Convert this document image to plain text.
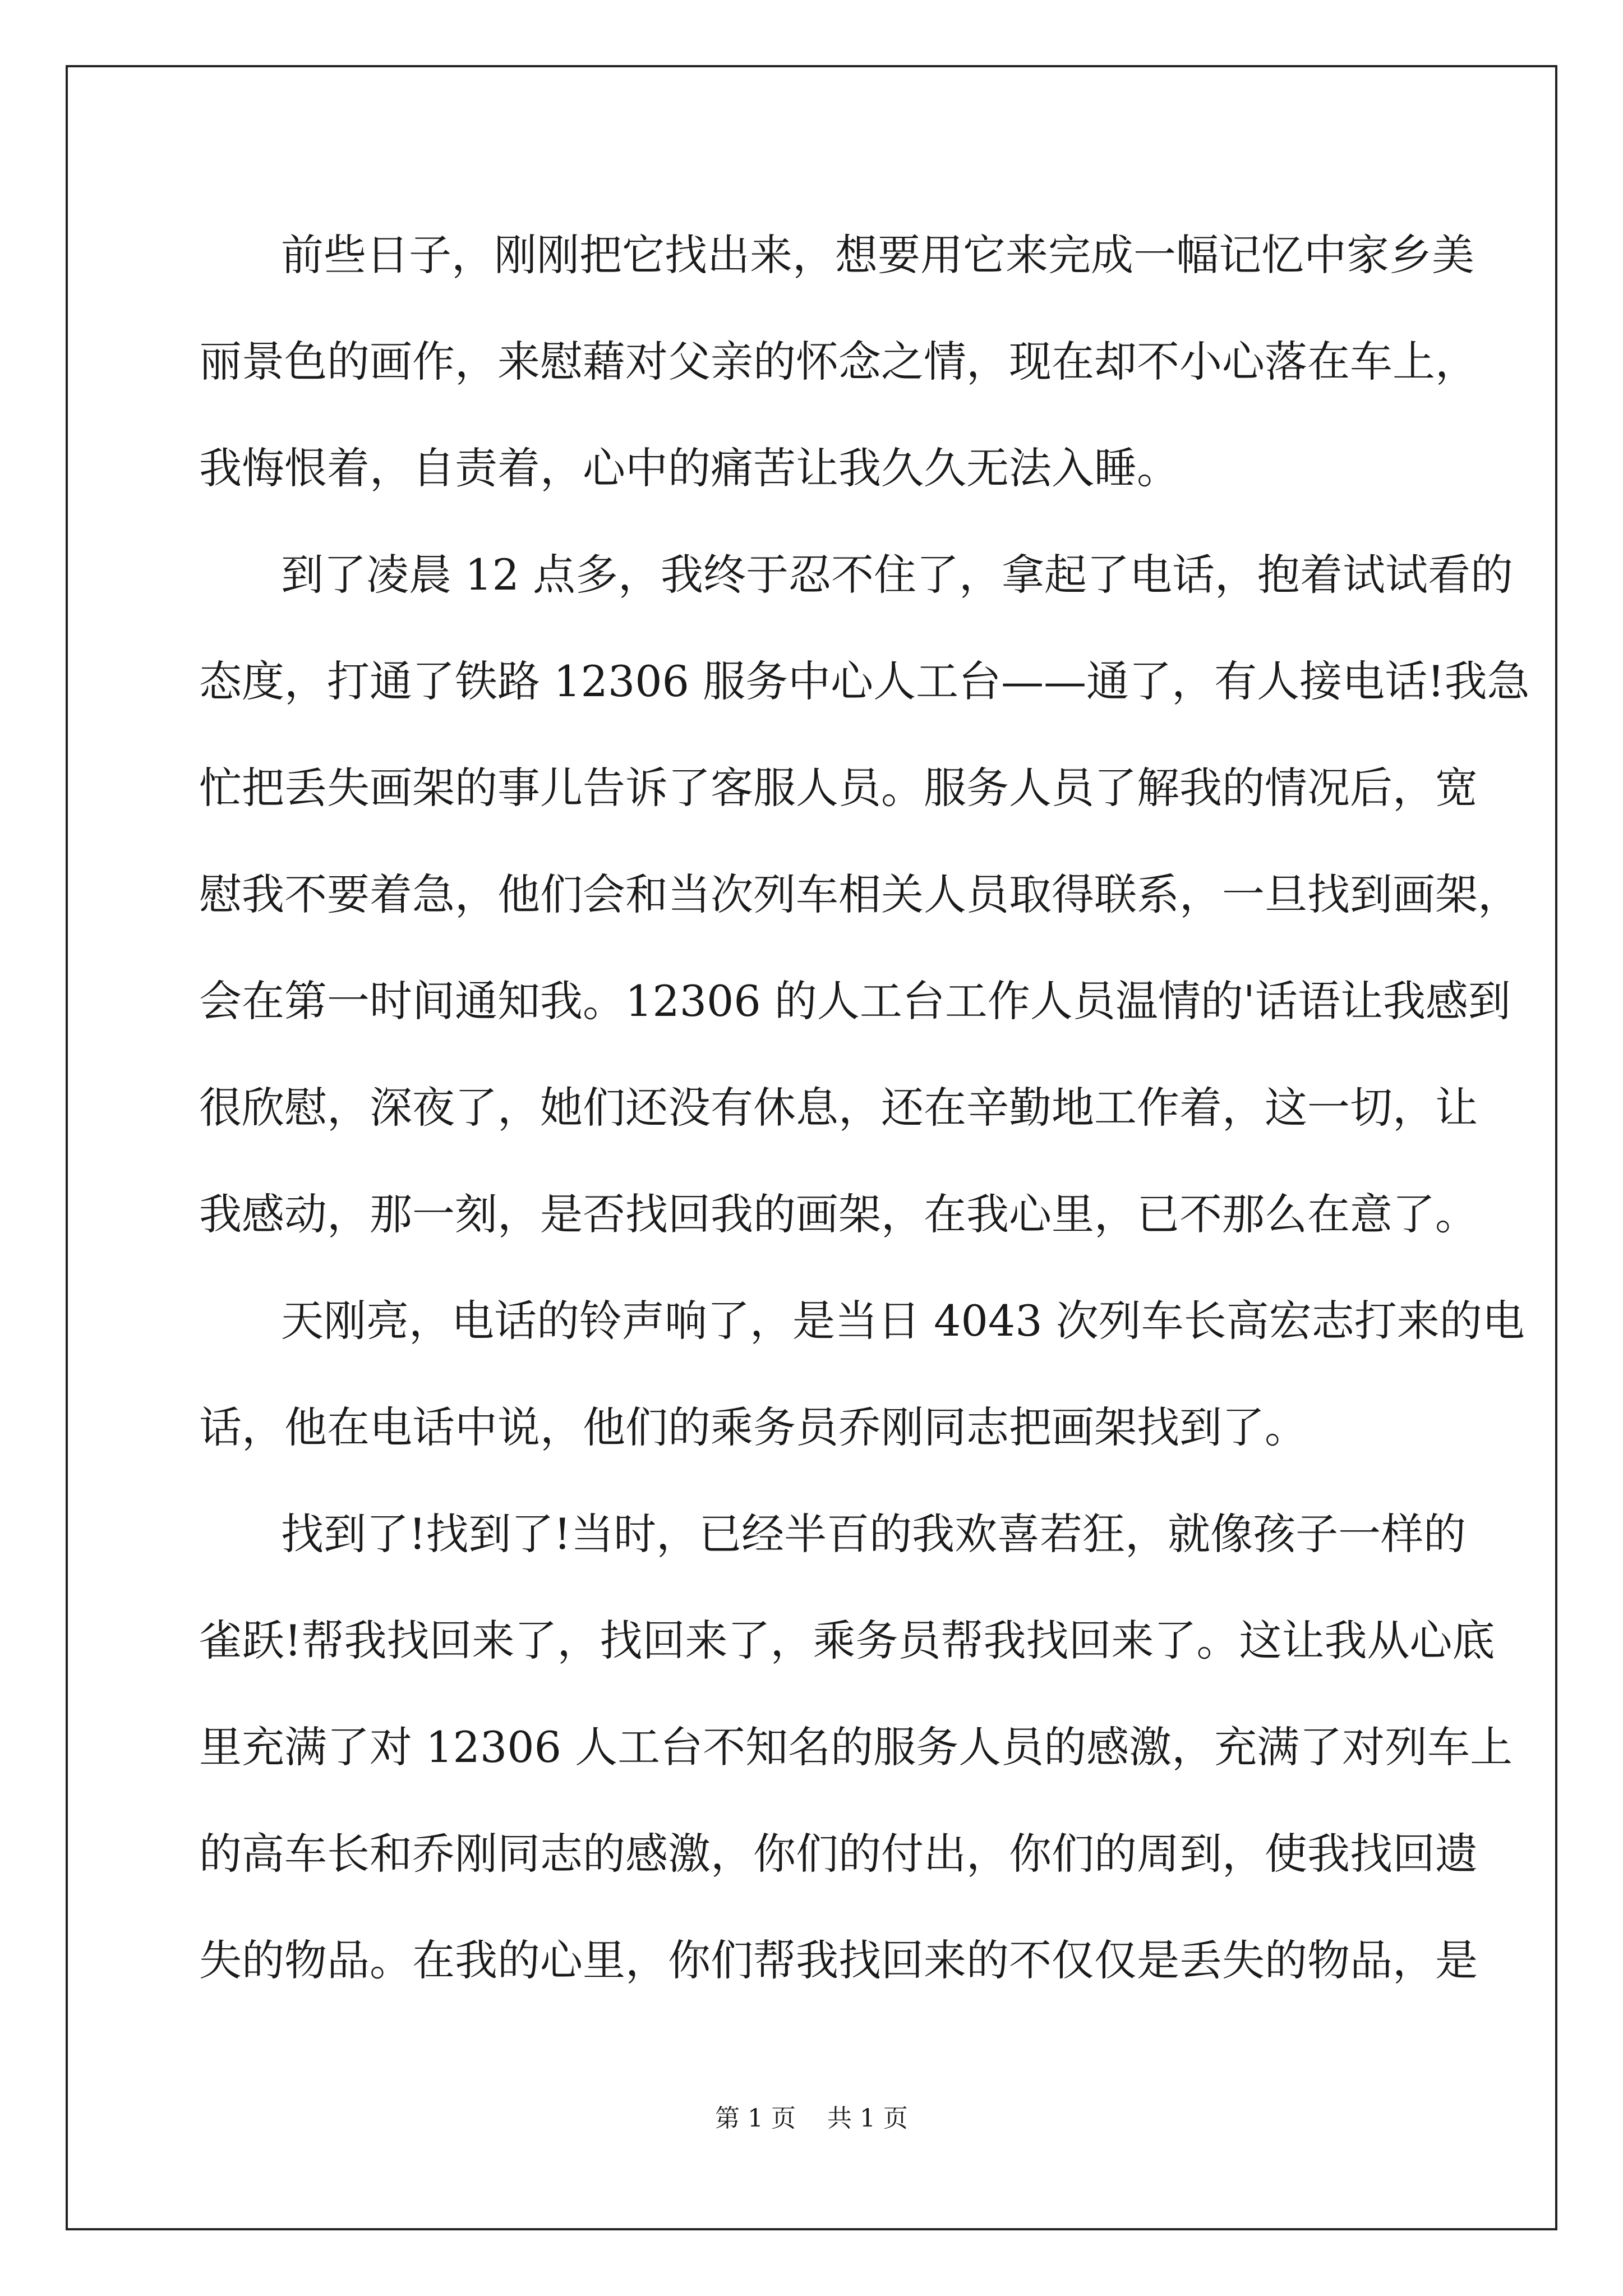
前些日子，刚刚把它找出来，想要用它来完成一幅记忆中家乡美
丽景色的画作，来慰藉对父亲的怀念之情，现在却不小心落在车上，
我悔恨着，自责着，心中的痛苦让我久久无法入睡。
到了凌晨 12 点多，我终于忍不住了，拿起了电话，抱着试试看的
态度，打通了铁路 12306 服务中心人工台——通了，有人接电话!我急
忙把丢失画架的事儿告诉了客服人员。服务人员了解我的情况后，宽
慰我不要着急，他们会和当次列车相关人员取得联系，一旦找到画架，
会在第一时间通知我。12306 的人工台工作人员温情的'话语让我感到
很欣慰，深夜了，她们还没有休息，还在辛勤地工作着，这一切，让
我感动，那一刻，是否找回我的画架，在我心里，已不那么在意了。
天刚亮，电话的铃声响了，是当日 4043 次列车长高宏志打来的电
话，他在电话中说，他们的乘务员乔刚同志把画架找到了。
找到了!找到了!当时，已经半百的我欢喜若狂，就像孩子一样的
雀跃!帮我找回来了，找回来了，乘务员帮我找回来了。这让我从心底
里充满了对 12306 人工台不知名的服务人员的感激，充满了对列车上
的高车长和乔刚同志的感激，你们的付出，你们的周到，使我找回遗
失的物品。在我的心里，你们帮我找回来的不仅仅是丢失的物品，是
第 1 页    共 1 页
